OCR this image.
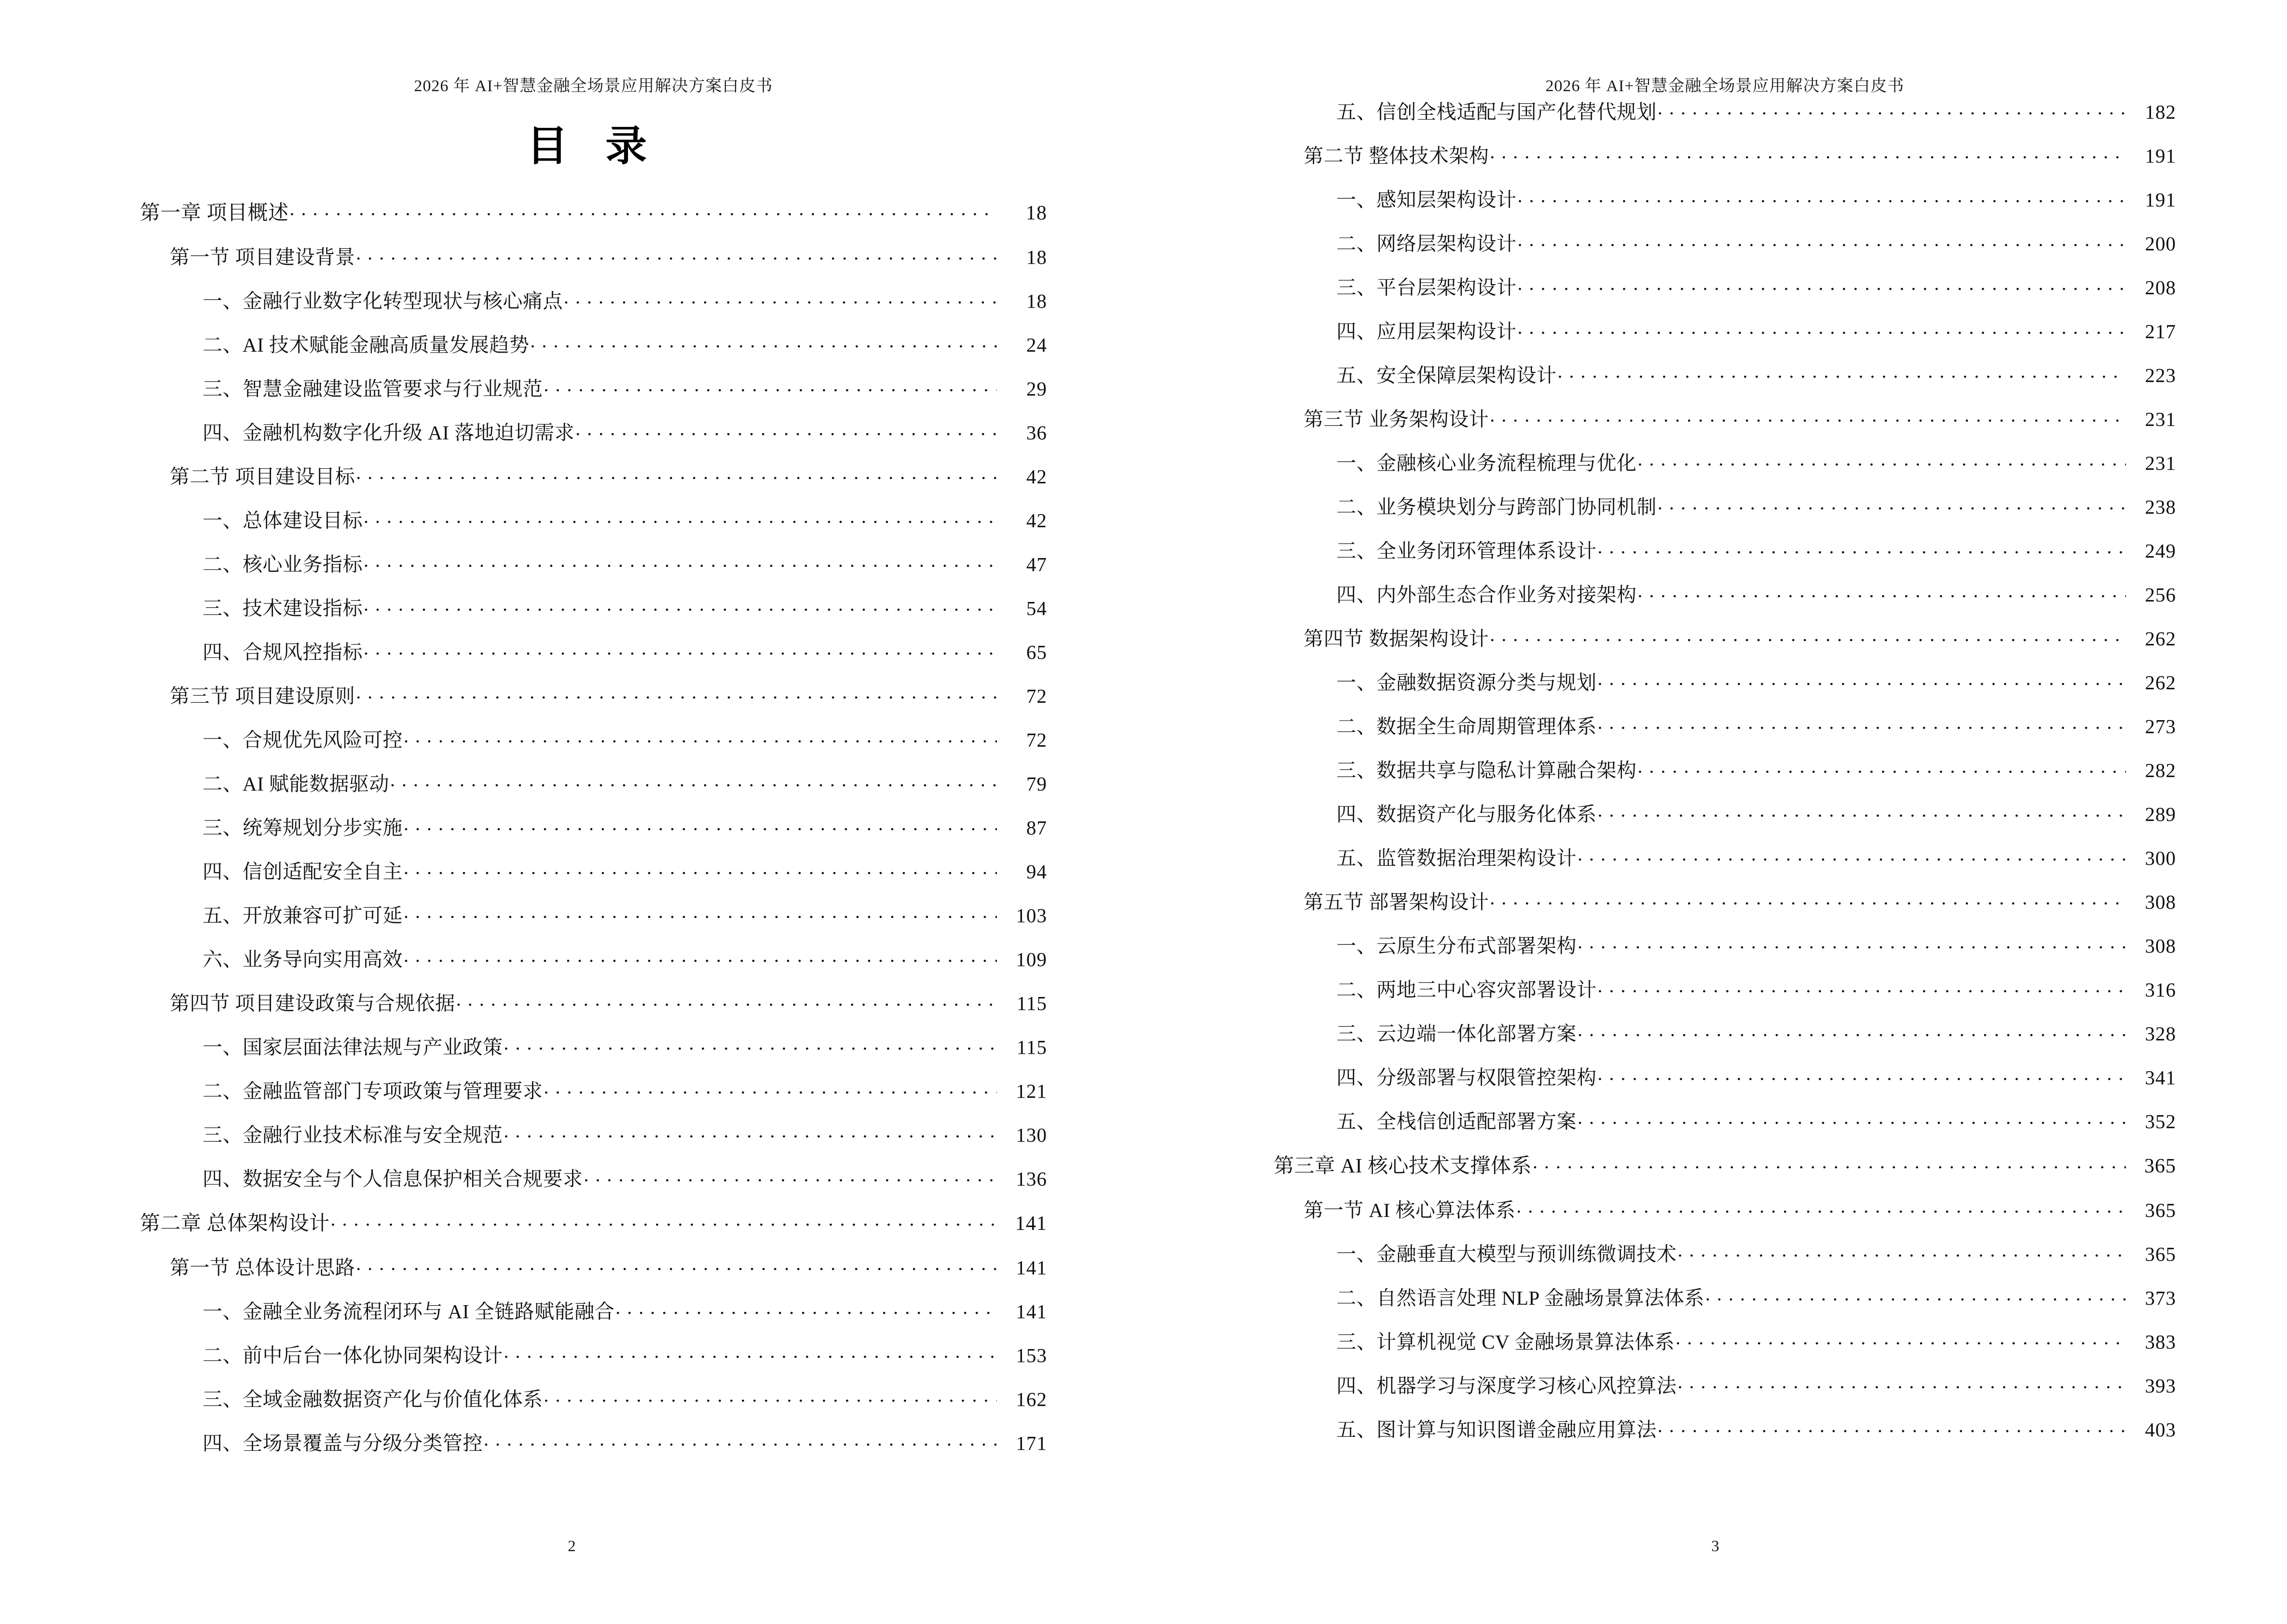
2026 年 AI+智慧金融全场景应用解决方案白皮书
目 录
第一章 项目概述 . . .	18
第一节 项目建设背景 . . .	18
一、金融行业数字化转型现状与核心痛点 . . .	18
二、AI 技术赋能金融高质量发展趋势 . . .	24
三、智慧金融建设监管要求与行业规范 . . .	29
四、金融机构数字化升级 AI 落地迫切需求 . . .	36
第二节 项目建设目标 . . .	42
一、总体建设目标 . . .	42
二、核心业务指标 . . .	47
三、技术建设指标 . . .	54
四、合规风控指标 . . .	65
第三节 项目建设原则 . . .	72
一、合规优先风险可控 . . .	72
二、AI 赋能数据驱动 . . .	79
三、统筹规划分步实施 . . .	87
四、信创适配安全自主 . . .	94
五、开放兼容可扩可延 . . .	103
六、业务导向实用高效 . . .	109
第四节 项目建设政策与合规依据 . . .	115
一、国家层面法律法规与产业政策 . . .	115
二、金融监管部门专项政策与管理要求 . . .	121
三、金融行业技术标准与安全规范 . . .	130
四、数据安全与个人信息保护相关合规要求 . . .	136
第二章 总体架构设计 . . .	141
第一节 总体设计思路 . . .	141
一、金融全业务流程闭环与 AI 全链路赋能融合 . . .	141
二、前中后台一体化协同架构设计 . . .	153
三、全域金融数据资产化与价值化体系 . . .	162
四、全场景覆盖与分级分类管控 . . .	171
2
2026 年 AI+智慧金融全场景应用解决方案白皮书
五、信创全栈适配与国产化替代规划 . . .	182
第二节 整体技术架构 . . .	191
一、感知层架构设计 . . .	191
二、网络层架构设计 . . .	200
三、平台层架构设计 . . .	208
四、应用层架构设计 . . .	217
五、安全保障层架构设计 . . .	223
第三节 业务架构设计 . . .	231
一、金融核心业务流程梳理与优化 . . .	231
二、业务模块划分与跨部门协同机制 . . .	238
三、全业务闭环管理体系设计 . . .	249
四、内外部生态合作业务对接架构 . . .	256
第四节 数据架构设计 . . .	262
一、金融数据资源分类与规划 . . .	262
二、数据全生命周期管理体系 . . .	273
三、数据共享与隐私计算融合架构 . . .	282
四、数据资产化与服务化体系 . . .	289
五、监管数据治理架构设计 . . .	300
第五节 部署架构设计 . . .	308
一、云原生分布式部署架构 . . .	308
二、两地三中心容灾部署设计 . . .	316
三、云边端一体化部署方案 . . .	328
四、分级部署与权限管控架构 . . .	341
五、全栈信创适配部署方案 . . .	352
第三章 AI 核心技术支撑体系 . . .	365
第一节 AI 核心算法体系 . . .	365
一、金融垂直大模型与预训练微调技术 . . .	365
二、自然语言处理 NLP 金融场景算法体系 . . .	373
三、计算机视觉 CV 金融场景算法体系 . . .	383
四、机器学习与深度学习核心风控算法 . . .	393
五、图计算与知识图谱金融应用算法 . . .	403
3
